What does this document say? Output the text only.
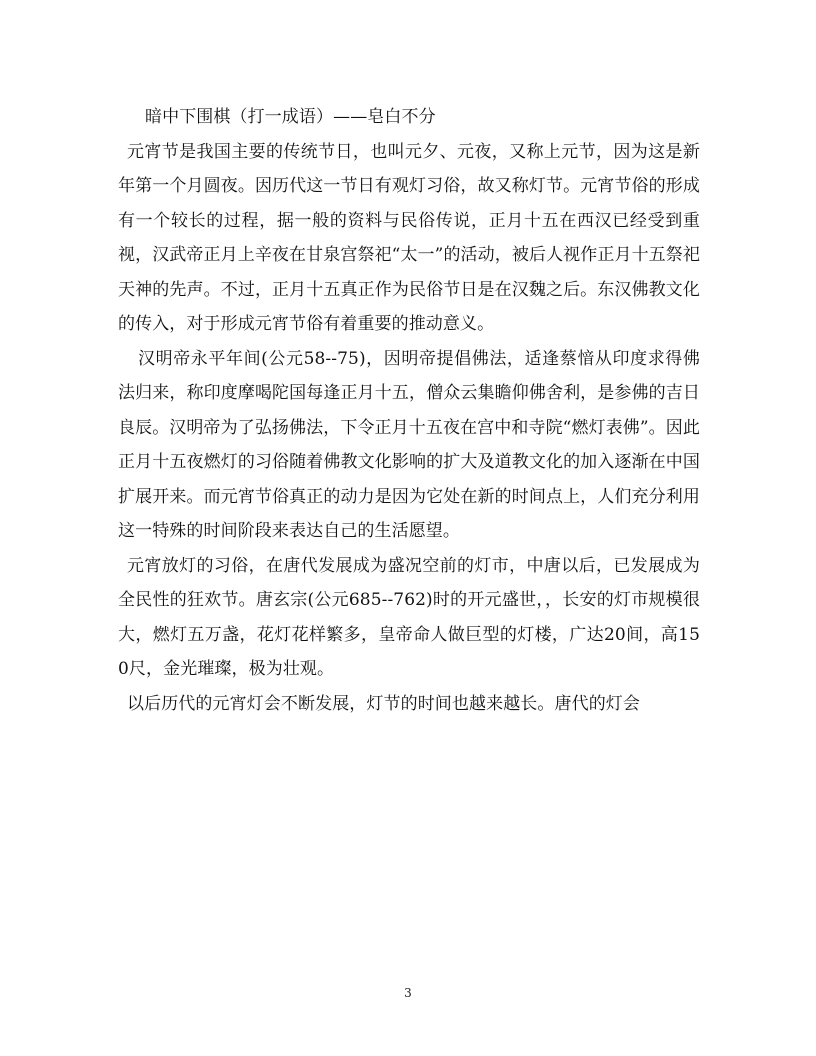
暗中下围棋（打一成语）——皂白不分

元宵节是我国主要的传统节日，也叫元夕、元夜，又称上元节，因为这是新年第一个月圆夜。因历代这一节日有观灯习俗，故又称灯节。元宵节俗的形成有一个较长的过程，据一般的资料与民俗传说，正月十五在西汉已经受到重视，汉武帝正月上辛夜在甘泉宫祭祀“太一”的活动，被后人视作正月十五祭祀天神的先声。不过，正月十五真正作为民俗节日是在汉魏之后。东汉佛教文化的传入，对于形成元宵节俗有着重要的推动意义。

汉明帝永平年间(公元58--75)，因明帝提倡佛法，适逢蔡愔从印度求得佛法归来，称印度摩喝陀国每逢正月十五，僧众云集瞻仰佛舍利，是参佛的吉日良辰。汉明帝为了弘扬佛法，下令正月十五夜在宫中和寺院“燃灯表佛”。因此正月十五夜燃灯的习俗随着佛教文化影响的扩大及道教文化的加入逐渐在中国扩展开来。而元宵节俗真正的动力是因为它处在新的时间点上，人们充分利用这一特殊的时间阶段来表达自己的生活愿望。

元宵放灯的习俗，在唐代发展成为盛况空前的灯市，中唐以后，已发展成为全民性的狂欢节。唐玄宗(公元685--762)时的开元盛世，，长安的灯市规模很大，燃灯五万盏，花灯花样繁多，皇帝命人做巨型的灯楼，广达20间，高150尺，金光璀璨，极为壮观。

以后历代的元宵灯会不断发展，灯节的时间也越来越长。唐代的灯会

3
